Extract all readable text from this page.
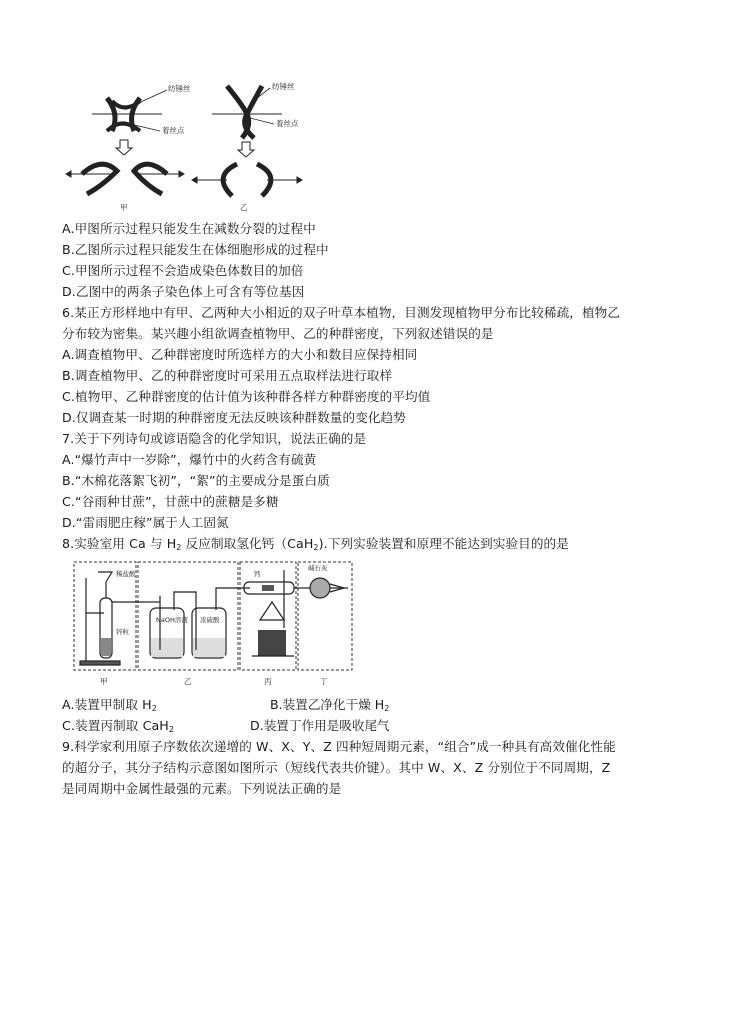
纺锤丝
着丝点
甲
纺锤丝
着丝点
乙
A.甲图所示过程只能发生在减数分裂的过程中
B.乙图所示过程只能发生在体细胞形成的过程中
C.甲图所示过程不会造成染色体数目的加倍
D.乙图中的两条子染色体上可含有等位基因
6.某正方形样地中有甲、乙两种大小相近的双子叶草本植物，目测发现植物甲分布比较稀疏，植物乙
分布较为密集。某兴趣小组欲调查植物甲、乙的种群密度，下列叙述错误的是
A.调查植物甲、乙种群密度时所选样方的大小和数目应保持相同
B.调查植物甲、乙的种群密度时可采用五点取样法进行取样
C.植物甲、乙种群密度的估计值为该种群各样方种群密度的平均值
D.仅调查某一时期的种群密度无法反映该种群数量的变化趋势
7.关于下列诗句或谚语隐含的化学知识，说法正确的是
A.“爆竹声中一岁除”，爆竹中的火药含有硫黄
B.“木棉花落絮飞初”，“絮”的主要成分是蛋白质
C.“谷雨种甘蔗”，甘蔗中的蔗糖是多糖
D.“雷雨肥庄稼”属于人工固氮
8.实验室用 Ca 与 $H_2$ 反应制取氢化钙（CaH$_2$).下列实验装置和原理不能达到实验目的的是
稀盐酸
锌粒
NaOH溶液 浓硫酸
钙
碱石灰
甲	乙	丙	丁
A.装置甲制取 $H_2$	B.装置乙净化干燥 $H_2$
C.装置丙制取 CaH$_2$	D.装置丁作用是吸收尾气
9.科学家利用原子序数依次递增的 W、X、Y、Z 四种短周期元素，“组合”成一种具有高效催化性能
的超分子，其分子结构示意图如图所示（短线代表共价键）。其中 W、X、Z 分别位于不同周期，Z
是同周期中金属性最强的元素。下列说法正确的是
